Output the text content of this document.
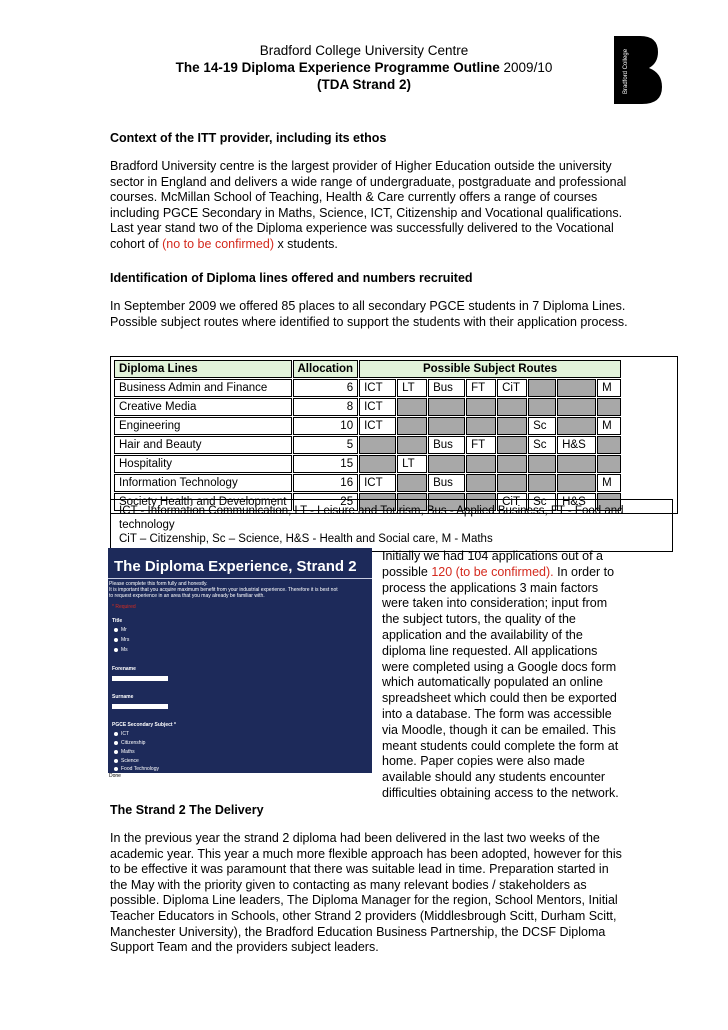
Bradford College University Centre
The 14-19 Diploma Experience Programme Outline 2009/10
(TDA Strand 2)	Bradford College
Context of the ITT provider, including its ethos
Bradford University centre is the largest provider of Higher Education outside the university
sector in England and delivers a wide range of undergraduate, postgraduate and professional
courses. McMillan School of Teaching, Health & Care currently offers a range of courses
including PGCE Secondary in Maths, Science, ICT, Citizenship and Vocational qualifications.
Last year stand two of the Diploma experience was successfully delivered to the Vocational
cohort of (no to be confirmed) x students.
Identification of Diploma lines offered and numbers recruited
In September 2009 we offered 85 places to all secondary PGCE students in 7 Diploma Lines.
Possible subject routes where identified to support the students with their application process.
Diploma Lines	Allocation	Possible Subject Routes							
Business Admin and Finance	6	ICT	LT	Bus	FT	CiT			M
Creative Media	8	ICT							
Engineering	10	ICT					Sc		M
Hair and Beauty	5			Bus	FT		Sc	H&S	
Hospitality	15		LT						
Information Technology	16	ICT		Bus					M
Society Health and Development	25					CiT	Sc	H&S	
ICT - Information Communication, LT - Leisure and Tourism, Bus - Applied Business, FT - Food and technology
CiT – Citizenship, Sc – Science, H&S - Health and Social care, M - Maths
The Diploma Experience, Strand 2
Please complete this form fully and honestly.
It is important that you acquire maximum benefit from your industrial experience. Therefore it is best not
to request experience in an area that you may already be familiar with.
* Required
Title
Mr
Mrs
Ms
Forename
Surname
PGCE Secondary Subject *
ICT
Citizenship
Maths
Science
Food Technology
Done
Initially we had 104 applications out of a
possible 120 (to be confirmed). In order to
process the applications 3 main factors
were taken into consideration; input from
the subject tutors, the quality of the
application and the availability of the
diploma line requested. All applications
were completed using a Google docs form
which automatically populated an online
spreadsheet which could then be exported
into a database. The form was accessible
via Moodle, though it can be emailed. This
meant students could complete the form at
home. Paper copies were also made
available should any students encounter
difficulties obtaining access to the network.
The Strand 2 The Delivery
In the previous year the strand 2 diploma had been delivered in the last two weeks of the
academic year. This year a much more flexible approach has been adopted, however for this
to be effective it was paramount that there was suitable lead in time. Preparation started in
the May with the priority given to contacting as many relevant bodies / stakeholders as
possible. Diploma Line leaders, The Diploma Manager for the region, School Mentors, Initial
Teacher Educators in Schools, other Strand 2 providers (Middlesbrough Scitt, Durham Scitt,
Manchester University), the Bradford Education Business Partnership, the DCSF Diploma
Support Team and the providers subject leaders.
